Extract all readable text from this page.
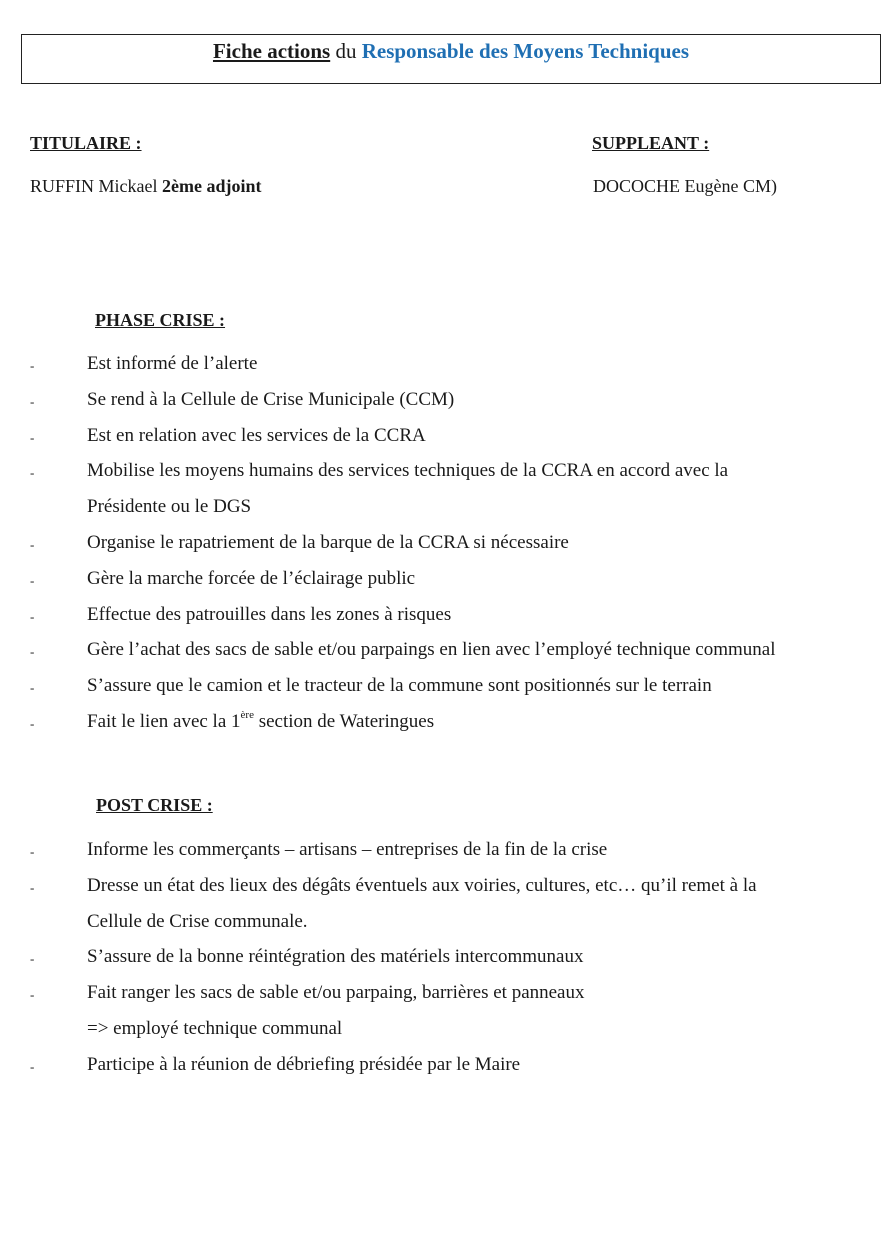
Fiche actions du Responsable des Moyens Techniques
TITULAIRE :	SUPPLEANT :
RUFFIN Mickael 2ème adjoint	DOCOCHE Eugène CM)
PHASE CRISE :
-	Est informé de l’alerte
-	Se rend à la Cellule de Crise Municipale (CCM)
-	Est en relation avec les services de la CCRA
-	Mobilise les moyens humains des services techniques de la CCRA en accord avec la
Présidente ou le DGS
-	Organise le rapatriement de la barque de la CCRA si nécessaire
-	Gère la marche forcée de l’éclairage public
-	Effectue des patrouilles dans les zones à risques
-	Gère l’achat des sacs de sable et/ou parpaings en lien avec l’employé technique communal
-	S’assure que le camion et le tracteur de la commune sont positionnés sur le terrain
-	Fait le lien avec la 1ère section de Wateringues
POST CRISE :
-	Informe les commerçants – artisans – entreprises de la fin de la crise
-	Dresse un état des lieux des dégâts éventuels aux voiries, cultures, etc… qu’il remet à la
Cellule de Crise communale.
-	S’assure de la bonne réintégration des matériels intercommunaux
-	Fait ranger les sacs de sable et/ou parpaing, barrières et panneaux
=> employé technique communal
-	Participe à la réunion de débriefing présidée par le Maire
